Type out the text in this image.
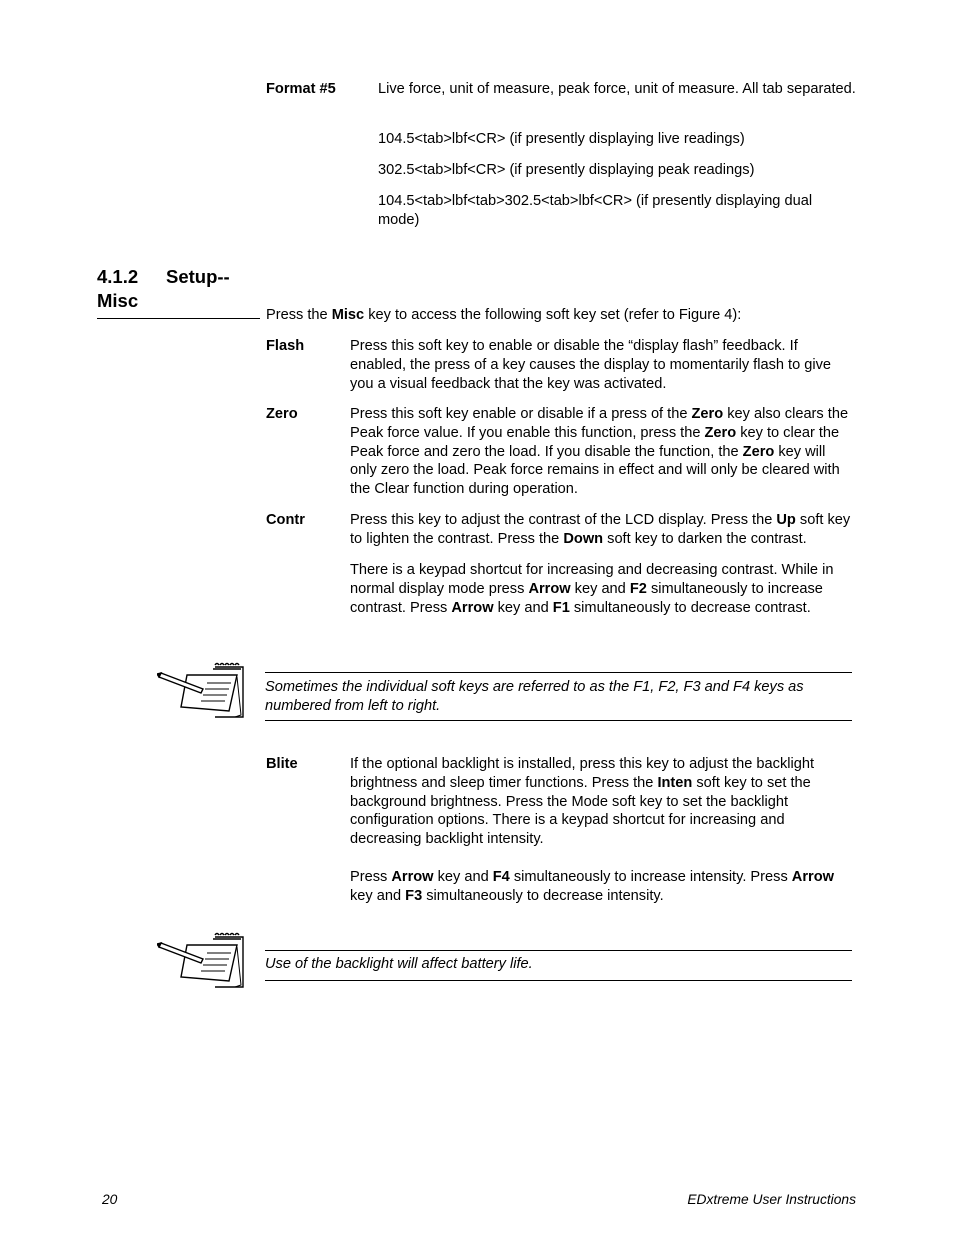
Format #5	Live force, unit of measure, peak force, unit of measure. All tab separated.

104.5<tab>lbf<CR> (if presently displaying live readings)

302.5<tab>lbf<CR> (if presently displaying peak readings)

104.5<tab>lbf<tab>302.5<tab>lbf<CR> (if presently displaying dual mode)

4.1.2 Setup--Misc

Press the Misc key to access the following soft key set (refer to Figure 4):

Flash	Press this soft key to enable or disable the “display flash” feedback. If enabled, the press of a key causes the display to momentarily flash to give you a visual feedback that the key was activated.

Zero	Press this soft key enable or disable if a press of the Zero key also clears the Peak force value. If you enable this function, press the Zero key to clear the Peak force and zero the load. If you disable the function, the Zero key will only zero the load. Peak force remains in effect and will only be cleared with the Clear function during operation.

Contr	Press this key to adjust the contrast of the LCD display. Press the Up soft key to lighten the contrast. Press the Down soft key to darken the contrast.

There is a keypad shortcut for increasing and decreasing contrast. While in normal display mode press Arrow key and F2 simultaneously to increase contrast. Press Arrow key and F1 simultaneously to decrease contrast.

Sometimes the individual soft keys are referred to as the F1, F2, F3 and F4 keys as numbered from left to right.
Blite	If the optional backlight is installed, press this key to adjust the backlight brightness and sleep timer functions. Press the Inten soft key to set the background brightness. Press the Mode soft key to set the backlight configuration options. There is a keypad shortcut for increasing and decreasing backlight intensity.

Press Arrow key and F4 simultaneously to increase intensity. Press Arrow key and F3 simultaneously to decrease intensity.

Use of the backlight will affect battery life.
20	EDxtreme User Instructions
